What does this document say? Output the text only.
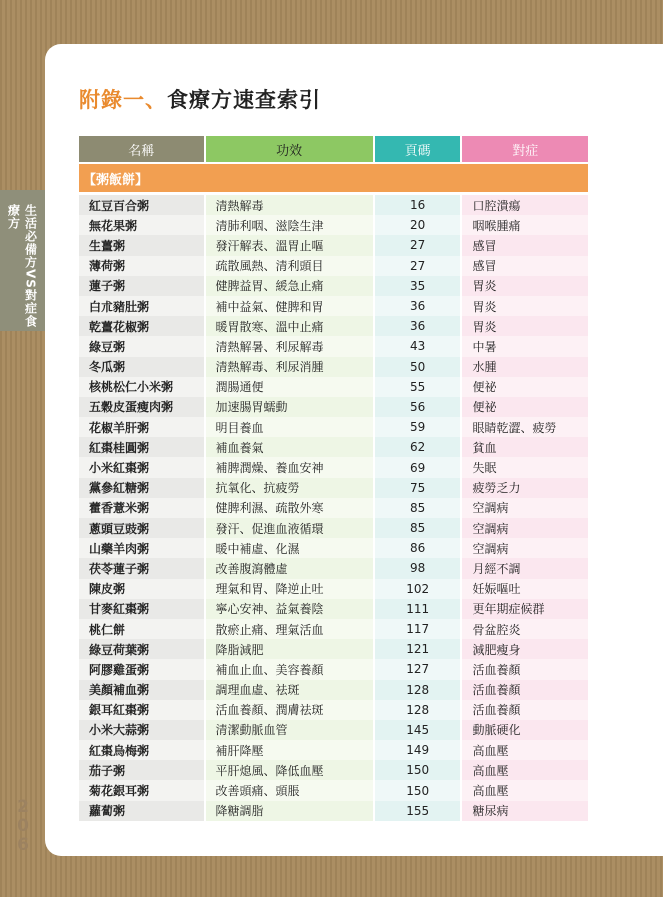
生活必備方VS對症食療方
2
0
6
附錄一、食療方速查索引
名稱	功效	頁碼	對症
【粥飯餅】
紅豆百合粥	清熱解毒	16	口腔潰瘍
無花果粥	清肺利咽、滋陰生津	20	咽喉腫痛
生薑粥	發汗解表、溫胃止嘔	27	感冒
薄荷粥	疏散風熱、清利頭目	27	感冒
蓮子粥	健脾益胃、緩急止痛	35	胃炎
白朮豬肚粥	補中益氣、健脾和胃	36	胃炎
乾薑花椒粥	暖胃散寒、溫中止痛	36	胃炎
綠豆粥	清熱解暑、利尿解毒	43	中暑
冬瓜粥	清熱解毒、利尿消腫	50	水腫
核桃松仁小米粥	潤腸通便	55	便祕
五穀皮蛋瘦肉粥	加速腸胃蠕動	56	便祕
花椒羊肝粥	明目養血	59	眼睛乾澀、疲勞
紅棗桂圓粥	補血養氣	62	貧血
小米紅棗粥	補脾潤燥、養血安神	69	失眠
黨參紅糖粥	抗氧化、抗疲勞	75	疲勞乏力
藿香薏米粥	健脾利濕、疏散外寒	85	空調病
蔥頭豆豉粥	發汗、促進血液循環	85	空調病
山藥羊肉粥	暖中補虛、化濕	86	空調病
茯苓蓮子粥	改善腹瀉體虛	98	月經不調
陳皮粥	理氣和胃、降逆止吐	102	妊娠嘔吐
甘麥紅棗粥	寧心安神、益氣養陰	111	更年期症候群
桃仁餅	散瘀止痛、理氣活血	117	骨盆腔炎
綠豆荷葉粥	降脂減肥	121	減肥瘦身
阿膠雞蛋粥	補血止血、美容養顏	127	活血養顏
美顏補血粥	調理血虛、祛斑	128	活血養顏
銀耳紅棗粥	活血養顏、潤膚祛斑	128	活血養顏
小米大蒜粥	清潔動脈血管	145	動脈硬化
紅棗烏梅粥	補肝降壓	149	高血壓
茄子粥	平肝熄風、降低血壓	150	高血壓
菊花銀耳粥	改善頭痛、頭脹	150	高血壓
蘿蔔粥	降糖調脂	155	糖尿病
